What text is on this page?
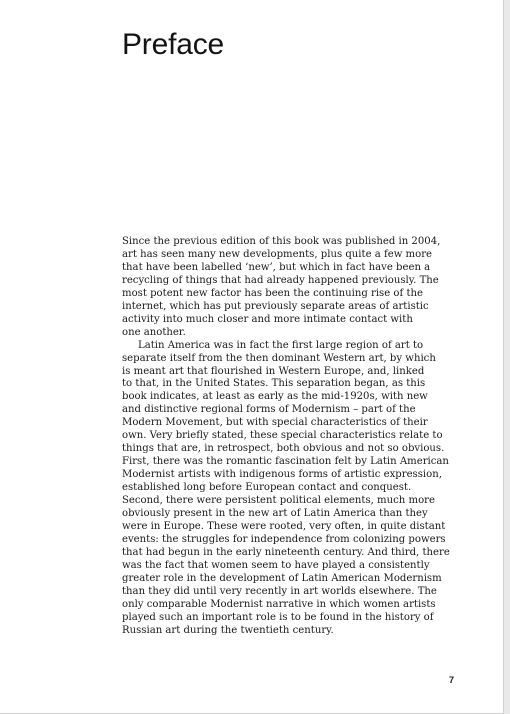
Preface
Since the previous edition of this book was published in 2004,
art has seen many new developments, plus quite a few more
that have been labelled ‘new’, but which in fact have been a
recycling of things that had already happened previously. The
most potent new factor has been the continuing rise of the
internet, which has put previously separate areas of artistic
activity into much closer and more intimate contact with
one another.
Latin America was in fact the first large region of art to
separate itself from the then dominant Western art, by which
is meant art that flourished in Western Europe, and, linked
to that, in the United States. This separation began, as this
book indicates, at least as early as the mid-1920s, with new
and distinctive regional forms of Modernism – part of the
Modern Movement, but with special characteristics of their
own. Very briefly stated, these special characteristics relate to
things that are, in retrospect, both obvious and not so obvious.
First, there was the romantic fascination felt by Latin American
Modernist artists with indigenous forms of artistic expression,
established long before European contact and conquest.
Second, there were persistent political elements, much more
obviously present in the new art of Latin America than they
were in Europe. These were rooted, very often, in quite distant
events: the struggles for independence from colonizing powers
that had begun in the early nineteenth century. And third, there
was the fact that women seem to have played a consistently
greater role in the development of Latin American Modernism
than they did until very recently in art worlds elsewhere. The
only comparable Modernist narrative in which women artists
played such an important role is to be found in the history of
Russian art during the twentieth century.
7
